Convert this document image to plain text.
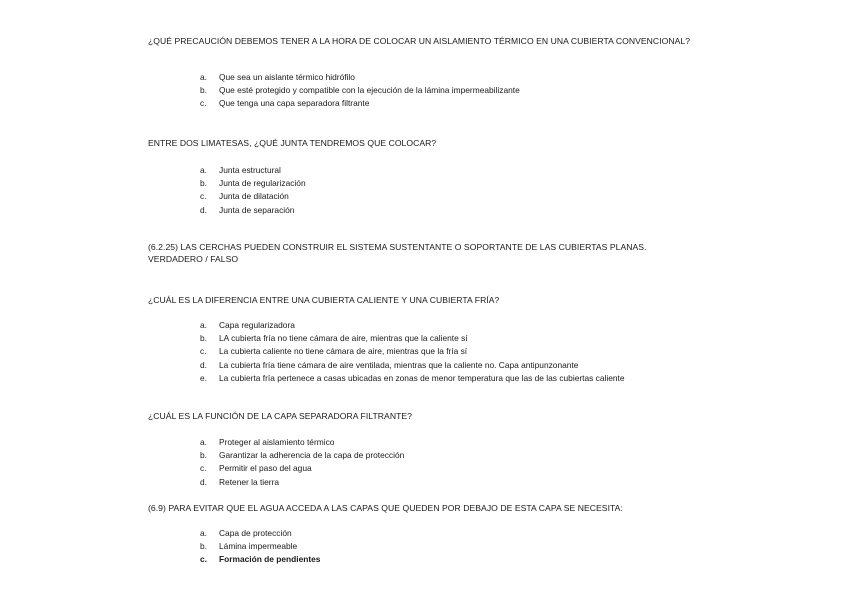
¿QUÉ PRECAUCIÓN DEBEMOS TENER A LA HORA DE COLOCAR UN AISLAMIENTO TÉRMICO EN UNA CUBIERTA CONVENCIONAL?
a.	Que sea un aislante térmico hidrófilo
b.	Que esté protegido y compatible con la ejecución de la lámina impermeabilizante
c.	Que tenga una capa separadora filtrante
ENTRE DOS LIMATESAS, ¿QUÉ JUNTA TENDREMOS QUE COLOCAR?
a.	Junta estructural
b.	Junta de regularización
c.	Junta de dilatación
d.	Junta de separación
(6.2.25) LAS CERCHAS PUEDEN CONSTRUIR EL SISTEMA SUSTENTANTE O SOPORTANTE DE LAS CUBIERTAS PLANAS. VERDADERO / FALSO
¿CUÁL ES LA DIFERENCIA ENTRE UNA CUBIERTA CALIENTE Y UNA CUBIERTA FRÍA?
a.	Capa regularizadora
b.	LA cubierta fría no tiene cámara de aire, mientras que la caliente sí
c.	La cubierta caliente no tiene cámara de aire, mientras que la fría sí
d.	La cubierta fría tiene cámara de aire ventilada, mientras que la caliente no. Capa antipunzonante
e.	La cubierta fría pertenece a casas ubicadas en zonas de menor temperatura que las de las cubiertas caliente
¿CUÁL ES LA FUNCIÓN DE LA CAPA SEPARADORA FILTRANTE?
a.	Proteger al aislamiento térmico
b.	Garantizar la adherencia de la capa de protección
c.	Permitir el paso del agua
d.	Retener la tierra
(6.9) PARA EVITAR QUE EL AGUA ACCEDA A LAS CAPAS QUE QUEDEN POR DEBAJO DE ESTA CAPA SE NECESITA:
a.	Capa de protección
b.	Lámina impermeable
c.	Formación de pendientes
